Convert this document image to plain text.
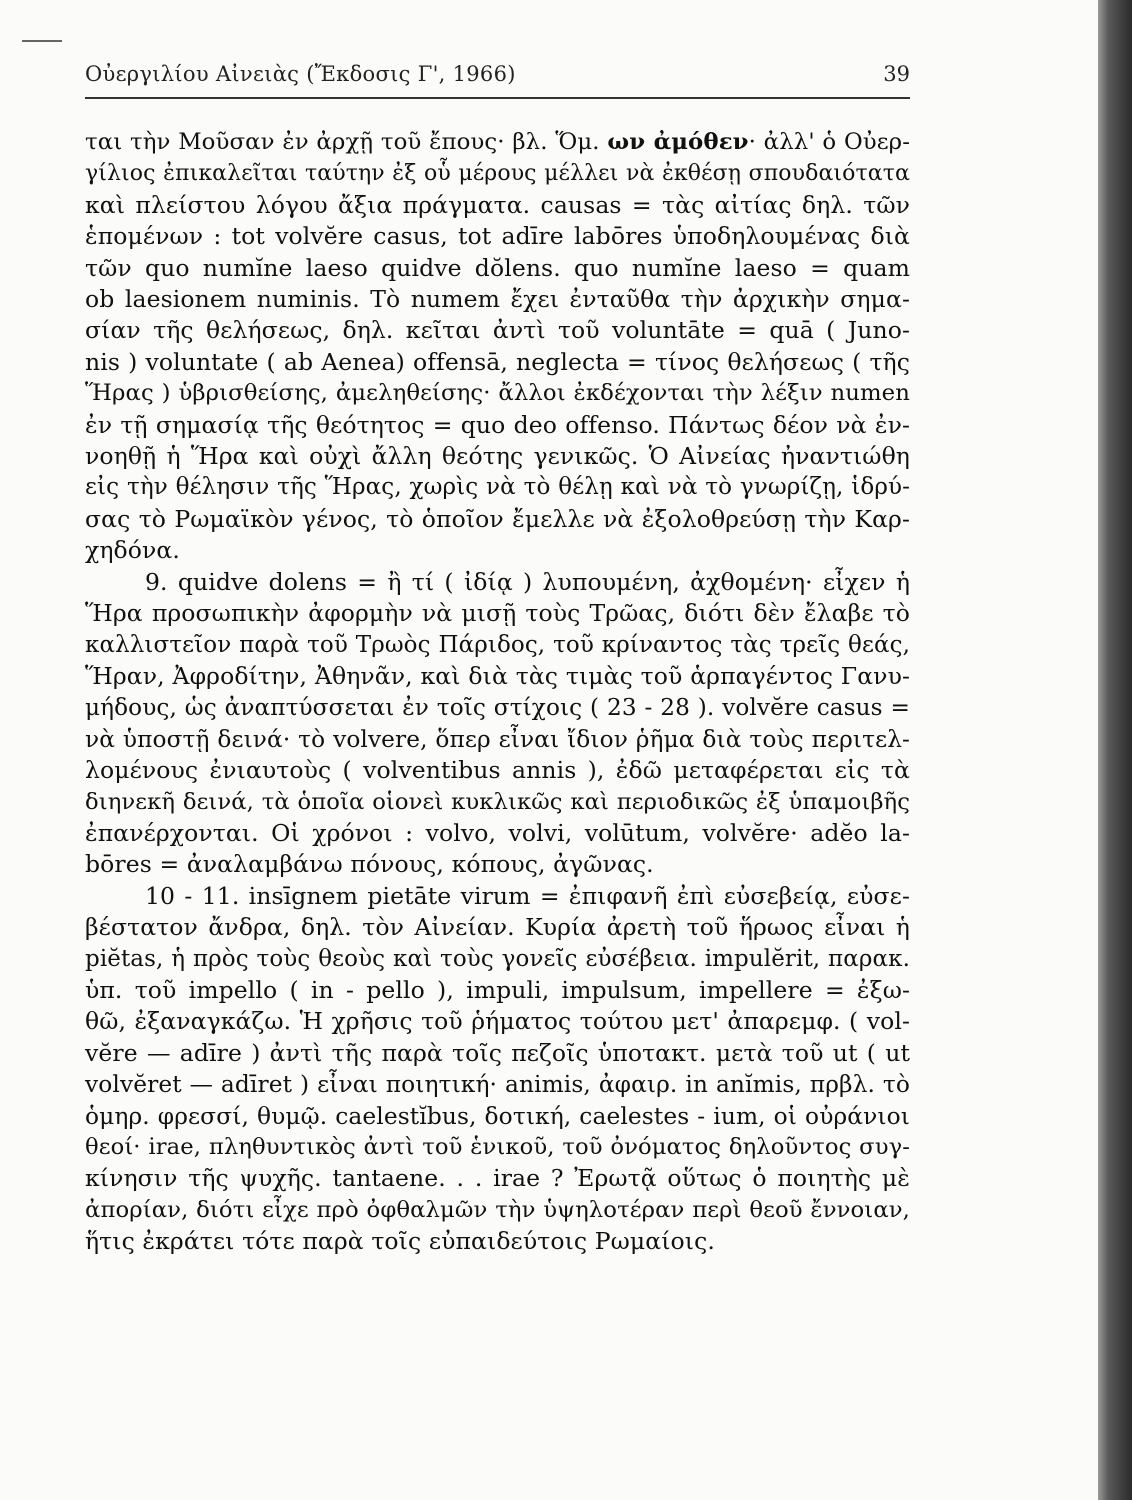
Οὐεργιλίου Αἰνειὰς (Ἔκδοσις Γ', 1966)	39
ται τὴν Μοῦσαν ἐν ἀρχῇ τοῦ ἔπους· βλ. Ὅμ. ων ἀμόθεν· ἀλλ' ὁ Οὐερ-
γίλιος ἐπικαλεῖται ταύτην ἐξ οὗ μέρους μέλλει νὰ ἐκθέσῃ σπουδαιότατα
καὶ πλείστου λόγου ἄξια πράγματα. causas = τὰς αἰτίας δηλ. τῶν
ἑπομένων : tot volvĕre casus, tot adīre labōres ὑποδηλουμένας διὰ
τῶν quo numĭne laeso quidve dŏlens. quo numĭne laeso = quam
ob laesionem numinis. Τὸ numem ἔχει ἐνταῦθα τὴν ἀρχικὴν σημα-
σίαν τῆς θελήσεως, δηλ. κεῖται ἀντὶ τοῦ voluntāte = quā ( Juno-
nis ) voluntate ( ab Aenea) offensā, neglecta = τίνος θελήσεως ( τῆς
Ἥρας ) ὑβρισθείσης, ἀμεληθείσης· ἄλλοι ἐκδέχονται τὴν λέξιν numen
ἐν τῇ σημασίᾳ τῆς θεότητος = quo deo offenso. Πάντως δέον νὰ ἐν-
νοηθῇ ἡ Ἥρα καὶ οὐχὶ ἄλλη θεότης γενικῶς. Ὁ Αἰνείας ἠναντιώθη
εἰς τὴν θέλησιν τῆς Ἥρας, χωρὶς νὰ τὸ θέλῃ καὶ νὰ τὸ γνωρίζῃ, ἱδρύ-
σας τὸ Ρωμαϊκὸν γένος, τὸ ὁποῖον ἔμελλε νὰ ἐξολοθρεύσῃ τὴν Καρ-
χηδόνα.
9. quidve dolens = ἢ τί ( ἰδίᾳ ) λυπουμένη, ἀχθομένη· εἶχεν ἡ
Ἥρα προσωπικὴν ἀφορμὴν νὰ μισῇ τοὺς Τρῶας, διότι δὲν ἔλαβε τὸ
καλλιστεῖον παρὰ τοῦ Τρωὸς Πάριδος, τοῦ κρίναντος τὰς τρεῖς θεάς,
Ἥραν, Ἀφροδίτην, Ἀθηνᾶν, καὶ διὰ τὰς τιμὰς τοῦ ἁρπαγέντος Γανυ-
μήδους, ὡς ἀναπτύσσεται ἐν τοῖς στίχοις ( 23 - 28 ). volvĕre casus =
νὰ ὑποστῇ δεινά· τὸ volvere, ὅπερ εἶναι ἴδιον ῥῆμα διὰ τοὺς περιτελ-
λομένους ἐνιαυτοὺς ( volventibus annis ), ἐδῶ μεταφέρεται εἰς τὰ
διηνεκῆ δεινά, τὰ ὁποῖα οἱονεὶ κυκλικῶς καὶ περιοδικῶς ἐξ ὑπαμοιβῆς
ἐπανέρχονται. Οἱ χρόνοι : volvo, volvi, volūtum, volvĕre· adĕo la-
bōres = ἀναλαμβάνω πόνους, κόπους, ἀγῶνας.
10 - 11. insīgnem pietāte virum = ἐπιφανῆ ἐπὶ εὐσεβείᾳ, εὐσε-
βέστατον ἄνδρα, δηλ. τὸν Αἰνείαν. Κυρία ἀρετὴ τοῦ ἥρωος εἶναι ἡ
piĕtas, ἡ πρὸς τοὺς θεοὺς καὶ τοὺς γονεῖς εὐσέβεια. impulĕrit, παρακ.
ὑπ. τοῦ impello ( in - pello ), impuli, impulsum, impellere = ἐξω-
θῶ, ἐξαναγκάζω. Ἡ χρῆσις τοῦ ῥήματος τούτου μετ' ἀπαρεμφ. ( vol-
vĕre — adīre ) ἀντὶ τῆς παρὰ τοῖς πεζοῖς ὑποτακτ. μετὰ τοῦ ut ( ut
volvĕret — adīret ) εἶναι ποιητική· animis, ἀφαιρ. in anĭmis, πρβλ. τὸ
ὁμηρ. φρεσσί, θυμῷ. caelestĭbus, δοτική, caelestes - ium, οἱ οὐράνιοι
θεοί· irae, πληθυντικὸς ἀντὶ τοῦ ἑνικοῦ, τοῦ ὀνόματος δηλοῦντος συγ-
κίνησιν τῆς ψυχῆς. tantaene. . . irae ? Ἐρωτᾷ οὕτως ὁ ποιητὴς μὲ
ἀπορίαν, διότι εἶχε πρὸ ὀφθαλμῶν τὴν ὑψηλοτέραν περὶ θεοῦ ἔννοιαν,
ἥτις ἐκράτει τότε παρὰ τοῖς εὐπαιδεύτοις Ρωμαίοις.
